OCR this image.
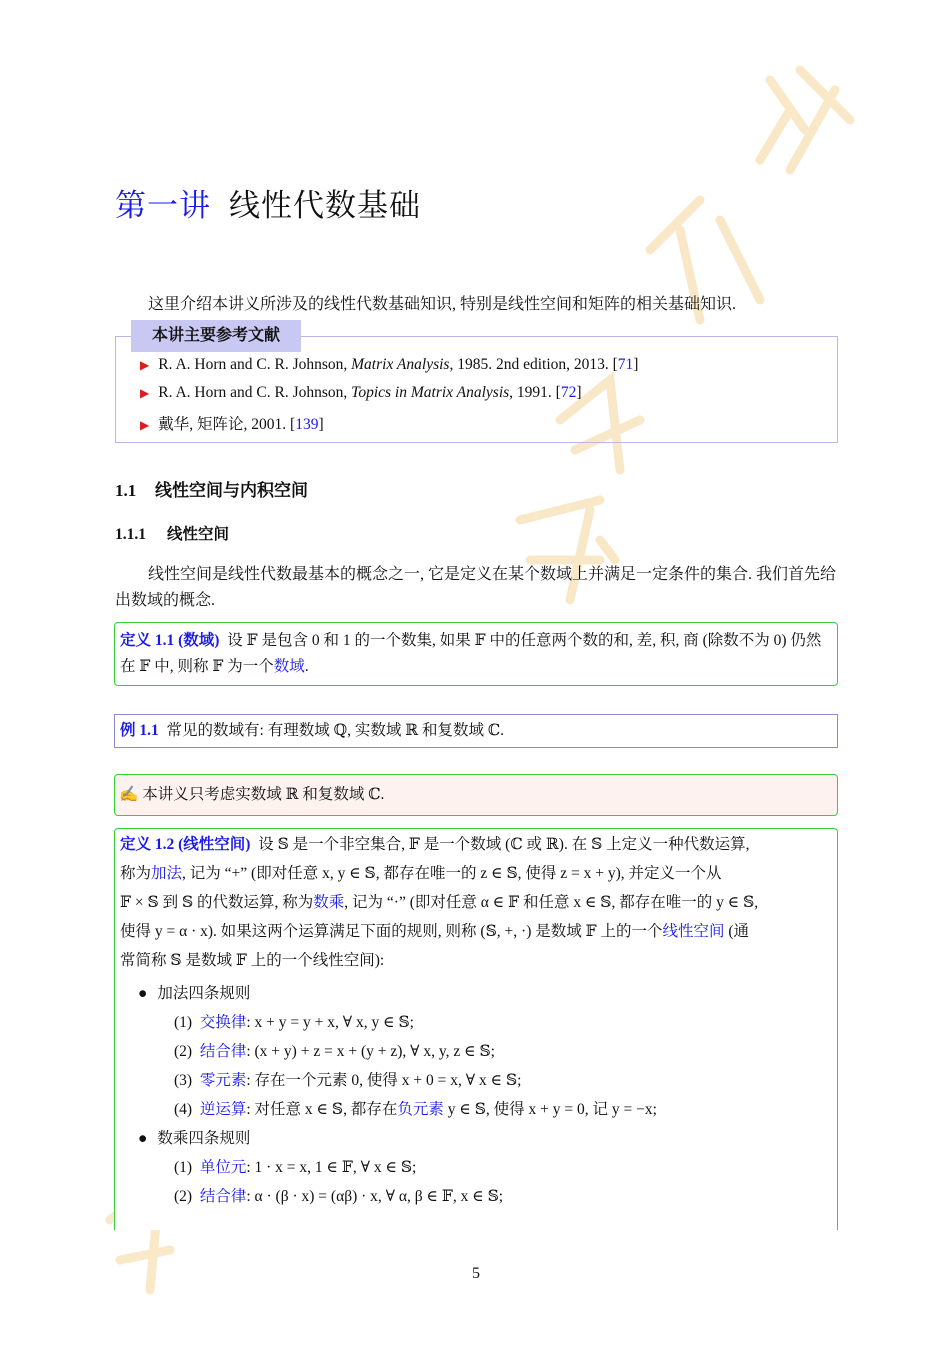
第一讲 线性代数基础
这里介绍本讲义所涉及的线性代数基础知识, 特别是线性空间和矩阵的相关基础知识.
本讲主要参考文献
▶ R. A. Horn and C. R. Johnson, Matrix Analysis, 1985. 2nd edition, 2013. [71]
▶ R. A. Horn and C. R. Johnson, Topics in Matrix Analysis, 1991. [72]
▶ 戴华, 矩阵论, 2001. [139]
1.1 线性空间与内积空间
1.1.1 线性空间
线性空间是线性代数最基本的概念之一, 它是定义在某个数域上并满足一定条件的集合. 我们首先给出数域的概念.
定义 1.1 (数域) 设 𝔽 是包含 0 和 1 的一个数集, 如果 𝔽 中的任意两个数的和, 差, 积, 商 (除数不为 0) 仍然在 𝔽 中, 则称 𝔽 为一个数域.
例 1.1 常见的数域有: 有理数域 ℚ, 实数域 ℝ 和复数域 ℂ.
✍ 本讲义只考虑实数域 ℝ 和复数域 ℂ.
定义 1.2 (线性空间) 设 𝕊 是一个非空集合, 𝔽 是一个数域 (ℂ 或 ℝ). 在 𝕊 上定义一种代数运算,
称为加法, 记为 “+” (即对任意 x, y ∈ 𝕊, 都存在唯一的 z ∈ 𝕊, 使得 z = x + y), 并定义一个从
𝔽 × 𝕊 到 𝕊 的代数运算, 称为数乘, 记为 “·” (即对任意 α ∈ 𝔽 和任意 x ∈ 𝕊, 都存在唯一的 y ∈ 𝕊,
使得 y = α · x). 如果这两个运算满足下面的规则, 则称 (𝕊, +, ·) 是数域 𝔽 上的一个线性空间 (通
常简称 𝕊 是数域 𝔽 上的一个线性空间):
● 加法四条规则
(1) 交换律: x + y = y + x, ∀ x, y ∈ 𝕊;
(2) 结合律: (x + y) + z = x + (y + z), ∀ x, y, z ∈ 𝕊;
(3) 零元素: 存在一个元素 0, 使得 x + 0 = x, ∀ x ∈ 𝕊;
(4) 逆运算: 对任意 x ∈ 𝕊, 都存在负元素 y ∈ 𝕊, 使得 x + y = 0, 记 y = −x;
● 数乘四条规则
(1) 单位元: 1 · x = x, 1 ∈ 𝔽, ∀ x ∈ 𝕊;
(2) 结合律: α · (β · x) = (αβ) · x, ∀ α, β ∈ 𝔽, x ∈ 𝕊;
5
